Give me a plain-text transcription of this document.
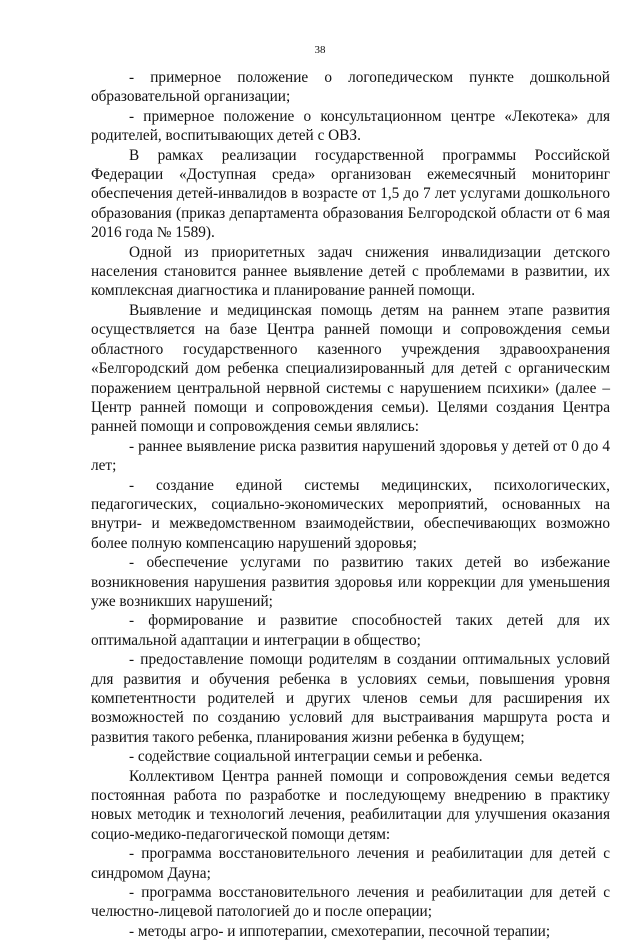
38

- примерное положение о логопедическом пункте дошкольной образовательной организации;

- примерное положение о консультационном центре «Лекотека» для родителей, воспитывающих детей с ОВЗ.

В рамках реализации государственной программы Российской Федерации «Доступная среда» организован ежемесячный мониторинг обеспечения детей-инвалидов в возрасте от 1,5 до 7 лет услугами дошкольного образования (приказ департамента образования Белгородской области от 6 мая 2016 года № 1589).

Одной из приоритетных задач снижения инвалидизации детского населения становится раннее выявление детей с проблемами в развитии, их комплексная диагностика и планирование ранней помощи.

Выявление и медицинская помощь детям на раннем этапе развития осуществляется на базе Центра ранней помощи и сопровождения семьи областного государственного казенного учреждения здравоохранения «Белгородский дом ребенка специализированный для детей с органическим поражением центральной нервной системы с нарушением психики» (далее – Центр ранней помощи и сопровождения семьи). Целями создания Центра ранней помощи и сопровождения семьи являлись:

- раннее выявление риска развития нарушений здоровья у детей от 0 до 4 лет;

- создание единой системы медицинских, психологических, педагогических, социально-экономических мероприятий, основанных на внутри- и межведомственном взаимодействии, обеспечивающих возможно более полную компенсацию нарушений здоровья;

- обеспечение услугами по развитию таких детей во избежание возникновения нарушения развития здоровья или коррекции для уменьшения уже возникших нарушений;

- формирование и развитие способностей таких детей для их оптимальной адаптации и интеграции в общество;

- предоставление помощи родителям в создании оптимальных условий для развития и обучения ребенка в условиях семьи, повышения уровня компетентности родителей и других членов семьи для расширения их возможностей по созданию условий для выстраивания маршрута роста и развития такого ребенка, планирования жизни ребенка в будущем;

- содействие социальной интеграции семьи и ребенка.

Коллективом Центра ранней помощи и сопровождения семьи ведется постоянная работа по разработке и последующему внедрению в практику новых методик и технологий лечения, реабилитации для улучшения оказания социо-медико-педагогической помощи детям:

- программа восстановительного лечения и реабилитации для детей с синдромом Дауна;

- программа восстановительного лечения и реабилитации для детей с челюстно-лицевой патологией до и после операции;

- методы агро- и иппотерапии, смехотерапии, песочной терапии;
